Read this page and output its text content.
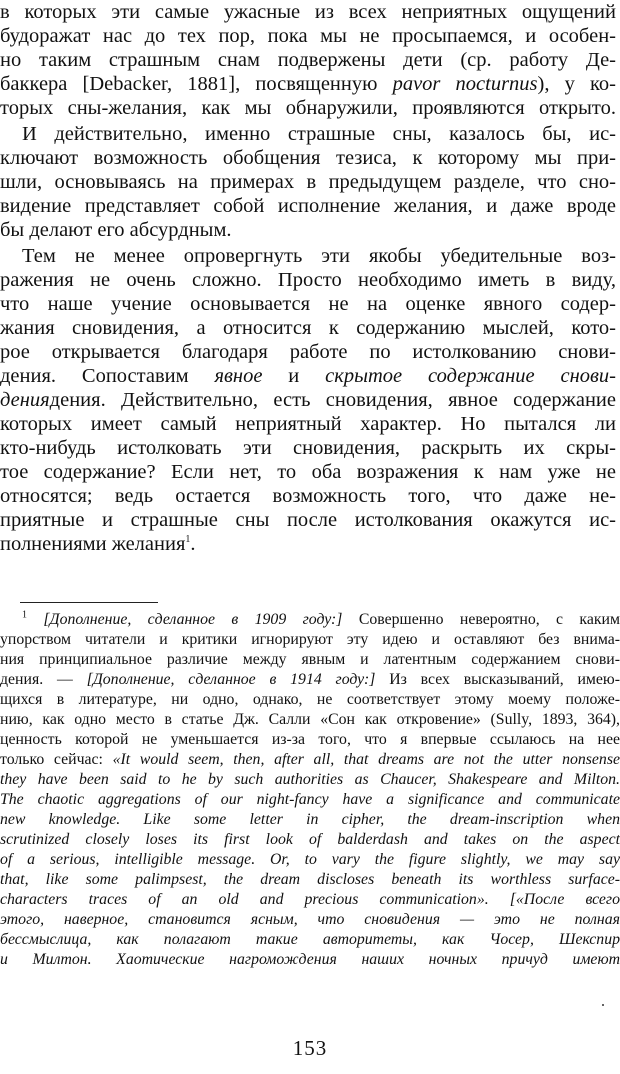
в которых эти самые ужасные из всех неприятных ощущений
будоражат нас до тех пор, пока мы не просыпаемся, и особен-
но таким страшным снам подвержены дети (ср. работу Де-
баккера [Debacker, 1881], посвященную pavor nocturnus), у ко-
торых сны-желания, как мы обнаружили, проявляются открыто.
И действительно, именно страшные сны, казалось бы, ис-
ключают возможность обобщения тезиса, к которому мы при-
шли, основываясь на примерах в предыдущем разделе, что сно-
видение представляет собой исполнение желания, и даже вроде
бы делают его абсурдным.
Тем не менее опровергнуть эти якобы убедительные воз-
ражения не очень сложно. Просто необходимо иметь в виду,
что наше учение основывается не на оценке явного содер-
жания сновидения, а относится к содержанию мыслей, кото-
рое открывается благодаря работе по истолкованию снови-
дения. Сопоставим явное и скрытое содержание снови-
дениядения. Действительно, есть сновидения, явное содержание
которых имеет самый неприятный характер. Но пытался ли
кто-нибудь истолковать эти сновидения, раскрыть их скры-
тое содержание? Если нет, то оба возражения к нам уже не
относятся; ведь остается возможность того, что даже не-
приятные и страшные сны после истолкования окажутся ис-
полнениями желания$^1$.
$^1$ [Дополнение, сделанное в 1909 году:] Совершенно невероятно, с каким
упорством читатели и критики игнорируют эту идею и оставляют без внима-
ния принципиальное различие между явным и латентным содержанием снови-
дения. — [Дополнение, сделанное в 1914 году:] Из всех высказываний, имею-
щихся в литературе, ни одно, однако, не соответствует этому моему положе-
нию, как одно место в статье Дж. Салли «Сон как откровение» (Sully, 1893, 364),
ценность которой не уменьшается из-за того, что я впервые ссылаюсь на нее
только сейчас: «It would seem, then, after all, that dreams are not the utter nonsense
they have been said to he by such authorities as Chaucer, Shakespeare and Milton.
The chaotic aggregations of our night-fancy have a significance and communicate
new knowledge. Like some letter in cipher, the dream-inscription when
scrutinized closely loses its first look of balderdash and takes on the aspect
of a serious, intelligible message. Or, to vary the figure slightly, we may say
that, like some palimpsest, the dream discloses beneath its worthless surface-
characters traces of an old and precious communication». [«После всего
этого, наверное, становится ясным, что сновидения — это не полная
бессмыслица, как полагают такие авторитеты, как Чосер, Шекспир
и Милтон. Хаотические нагромождения наших ночных причуд имеют
153
